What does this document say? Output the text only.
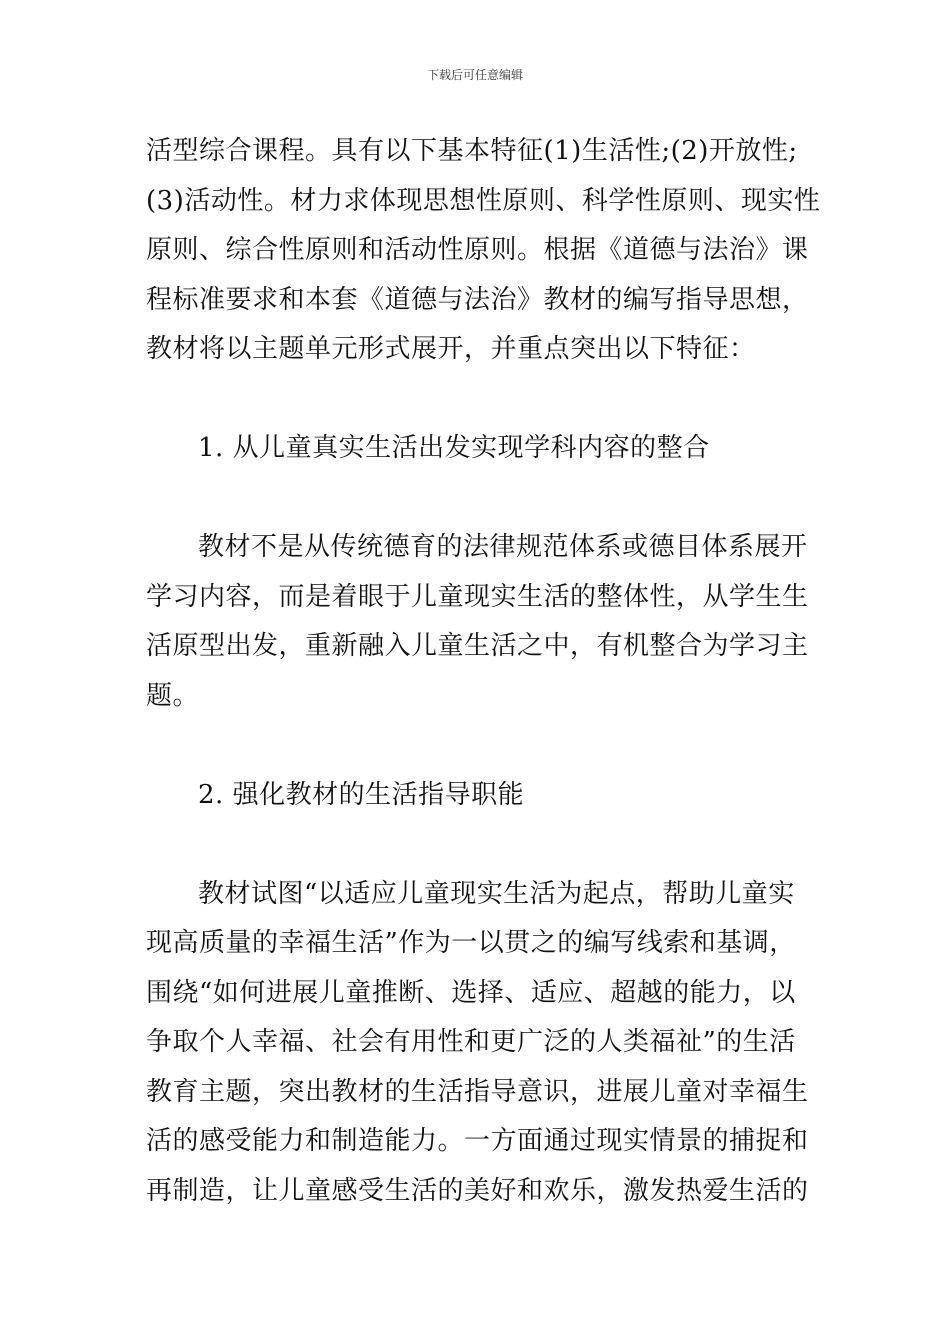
下载后可任意编辑
活型综合课程。具有以下基本特征(1)生活性;(2)开放性;
(3)活动性。材力求体现思想性原则、科学性原则、现实性
原则、综合性原则和活动性原则。根据《道德与法治》课
程标准要求和本套《道德与法治》教材的编写指导思想，
教材将以主题单元形式展开，并重点突出以下特征：
1. 从儿童真实生活出发实现学科内容的整合
教材不是从传统德育的法律规范体系或德目体系展开
学习内容，而是着眼于儿童现实生活的整体性，从学生生
活原型出发，重新融入儿童生活之中，有机整合为学习主
题。
2. 强化教材的生活指导职能
教材试图“以适应儿童现实生活为起点，帮助儿童实
现高质量的幸福生活”作为一以贯之的编写线索和基调，
围绕“如何进展儿童推断、选择、适应、超越的能力，以
争取个人幸福、社会有用性和更广泛的人类福祉”的生活
教育主题，突出教材的生活指导意识，进展儿童对幸福生
活的感受能力和制造能力。一方面通过现实情景的捕捉和
再制造，让儿童感受生活的美好和欢乐，激发热爱生活的
